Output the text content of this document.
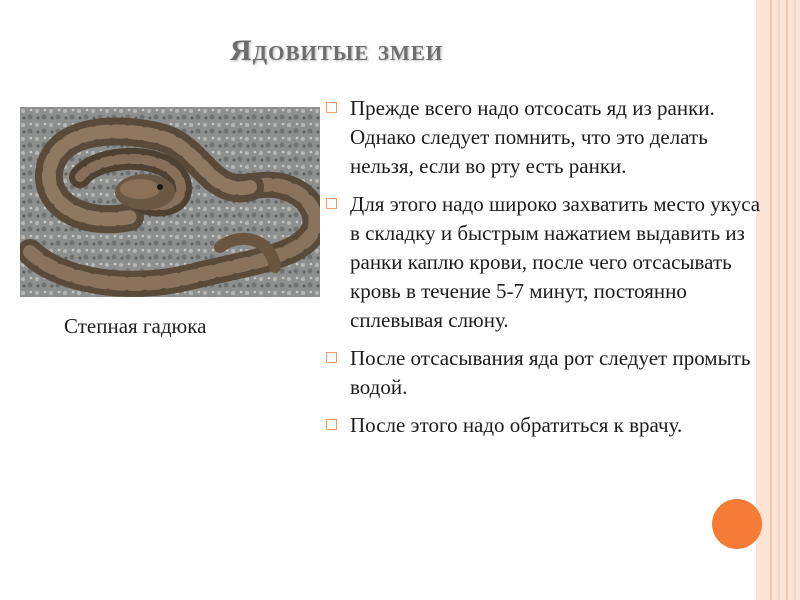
Ядовитые змеи
Степная гадюка
□ Прежде всего надо отсосать яд из ранки. Однако следует помнить, что это делать нельзя, если во рту есть ранки.
□ Для этого надо широко захватить место укуса в складку и быстрым нажатием выдавить из ранки каплю крови, после чего отсасывать кровь в течение 5-7 минут, постоянно сплевывая слюну.
□ После отсасывания яда рот следует промыть водой.
□ После этого надо обратиться к врачу.
